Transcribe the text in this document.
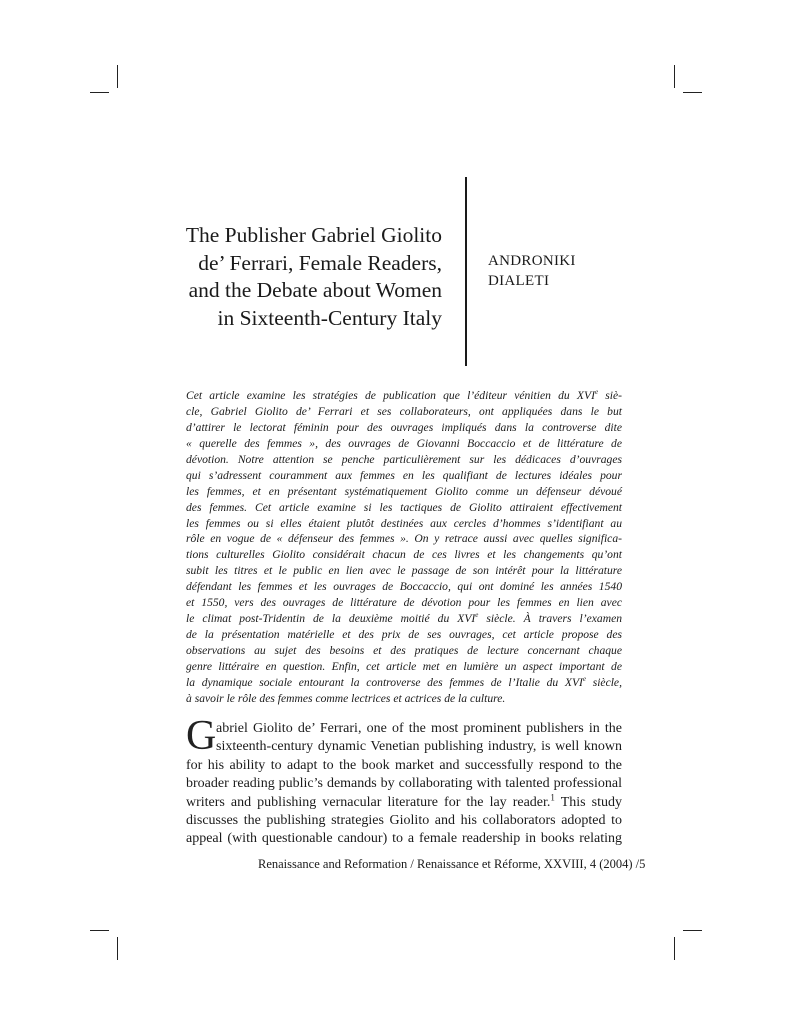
The Publisher Gabriel Giolito
de’ Ferrari, Female Readers,
and the Debate about Women
in Sixteenth-Century Italy
ANDRONIKI
DIALETI
Cet article examine les stratégies de publication que l’éditeur vénitien du XVIe siè-
cle, Gabriel Giolito de’ Ferrari et ses collaborateurs, ont appliquées dans le but
d’attirer le lectorat féminin pour des ouvrages impliqués dans la controverse dite
« querelle des femmes », des ouvrages de Giovanni Boccaccio et de littérature de
dévotion. Notre attention se penche particulièrement sur les dédicaces d’ouvrages
qui s’adressent couramment aux femmes en les qualifiant de lectures idéales pour
les femmes, et en présentant systématiquement Giolito comme un défenseur dévoué
des femmes. Cet article examine si les tactiques de Giolito attiraient effectivement
les femmes ou si elles étaient plutôt destinées aux cercles d’hommes s’identifiant au
rôle en vogue de « défenseur des femmes ». On y retrace aussi avec quelles significa-
tions culturelles Giolito considérait chacun de ces livres et les changements qu’ont
subit les titres et le public en lien avec le passage de son intérêt pour la littérature
défendant les femmes et les ouvrages de Boccaccio, qui ont dominé les années 1540
et 1550, vers des ouvrages de littérature de dévotion pour les femmes en lien avec
le climat post-Tridentin de la deuxième moitié du XVIe siècle. À travers l’examen
de la présentation matérielle et des prix de ses ouvrages, cet article propose des
observations au sujet des besoins et des pratiques de lecture concernant chaque
genre littéraire en question. Enfin, cet article met en lumière un aspect important de
la dynamique sociale entourant la controverse des femmes de l’Italie du XVIe siècle,
à savoir le rôle des femmes comme lectrices et actrices de la culture.
G abriel Giolito de’ Ferrari, one of the most prominent publishers in the
sixteenth-century dynamic Venetian publishing industry, is well known
for his ability to adapt to the book market and successfully respond to the
broader reading public’s demands by collaborating with talented professional
writers and publishing vernacular literature for the lay reader.$^1$ This study
discusses the publishing strategies Giolito and his collaborators adopted to
appeal (with questionable candour) to a female readership in books relating
Renaissance and Reformation / Renaissance et Réforme, XXVIII, 4 (2004) /5
